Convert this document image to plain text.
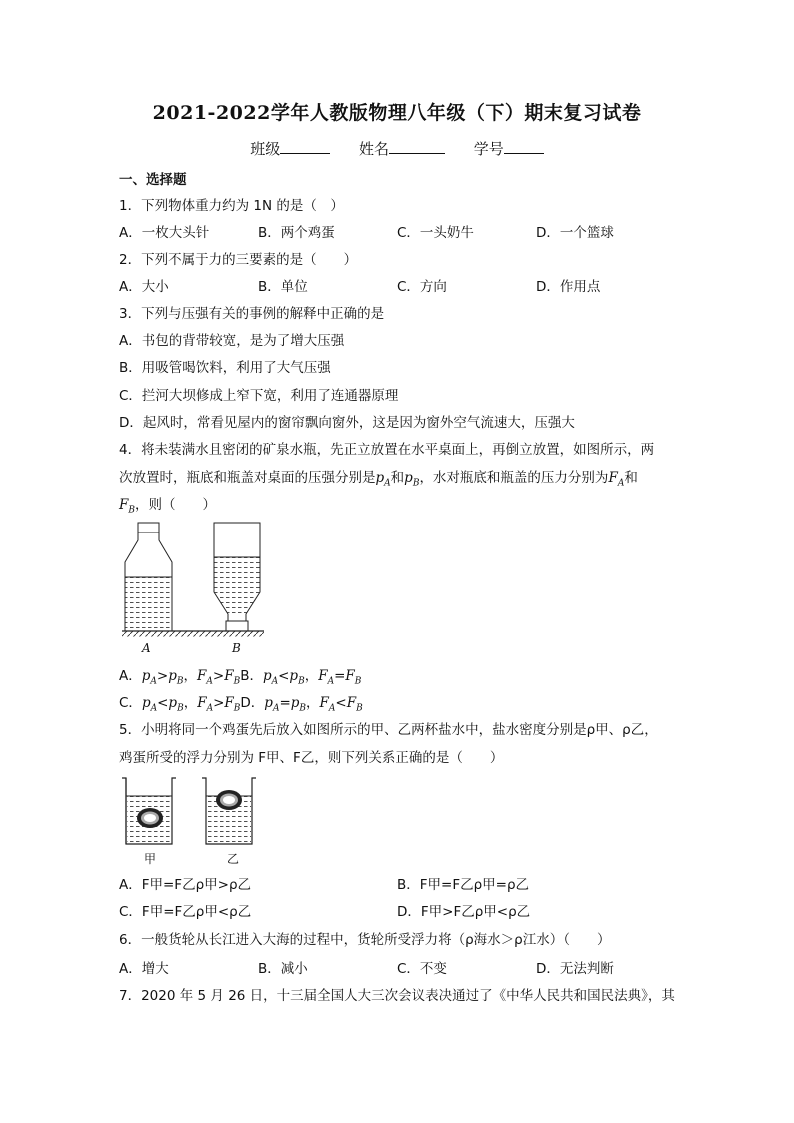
2021-2022学年人教版物理八年级（下）期末复习试卷
班级	姓名	学号
一、选择题
1．下列物体重力约为 1N 的是（　）
A．一枚大头针	B．两个鸡蛋	C．一头奶牛	D．一个篮球
2．下列不属于力的三要素的是（　　）
A．大小	B．单位	C．方向	D．作用点
3．下列与压强有关的事例的解释中正确的是
A．书包的背带较宽，是为了增大压强
B．用吸管喝饮料，利用了大气压强
C．拦河大坝修成上窄下宽，利用了连通器原理
D．起风时，常看见屋内的窗帘飘向窗外，这是因为窗外空气流速大，压强大
4．将未装满水且密闭的矿泉水瓶，先正立放置在水平桌面上，再倒立放置，如图所示，两
次放置时，瓶底和瓶盖对桌面的压强分别是$p_A$和$p_B$，水对瓶底和瓶盖的压力分别为$F_A$和
$F_B$，则（　　）
A	B
A．$p_A>p_B$，$F_A>F_BB$．$p_A<p_B$，$F_A=F_B$
C．$p_A<p_B$，$F_A>F_BD$．$p_A=p_B$，$F_A<F_B$
5．小明将同一个鸡蛋先后放入如图所示的甲、乙两杯盐水中，盐水密度分别是ρ甲、ρ乙，
鸡蛋所受的浮力分别为 F甲、F乙，则下列关系正确的是（　　）
甲	乙
A．F甲=F乙ρ甲>ρ乙	B．F甲=F乙ρ甲=ρ乙
C．F甲=F乙ρ甲<ρ乙	D．F甲>F乙ρ甲<ρ乙
6．一般货轮从长江进入大海的过程中，货轮所受浮力将（ρ海水＞ρ江水）（　　）
A．增大	B．减小	C．不变	D．无法判断
7．2020 年 5 月 26 日，十三届全国人大三次会议表决通过了《中华人民共和国民法典》，其
